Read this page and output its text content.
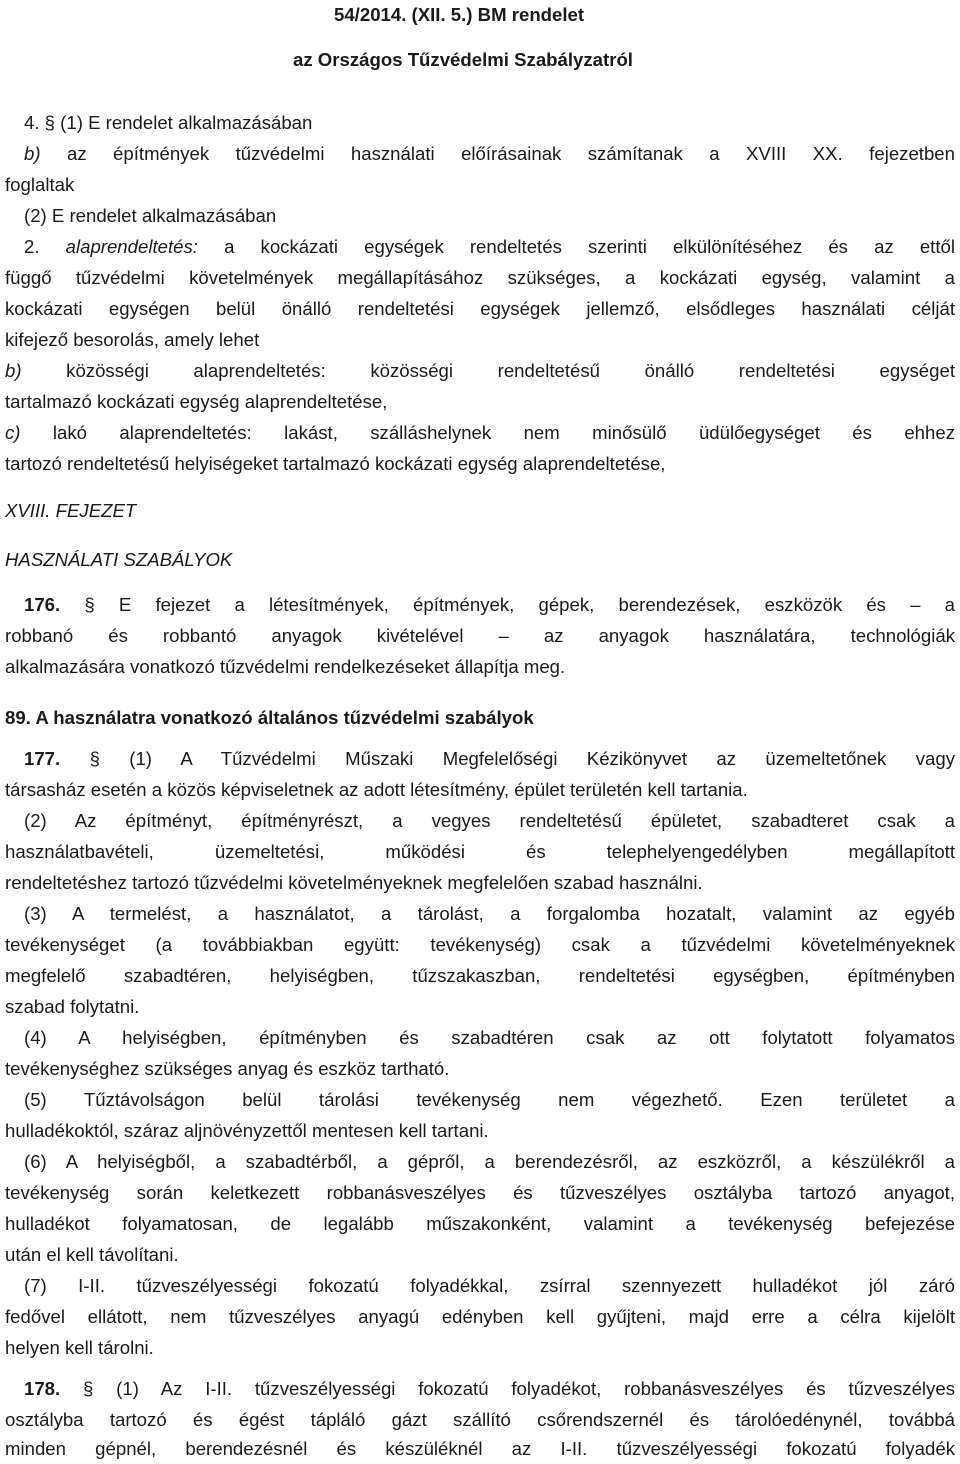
54/2014. (XII. 5.) BM rendelet
az Országos Tűzvédelmi Szabályzatról
4. § (1) E rendelet alkalmazásában
b) az építmények tűzvédelmi használati előírásainak számítanak a XVIII XX. fejezetben
foglaltak
(2) E rendelet alkalmazásában
2. alaprendeltetés: a kockázati egységek rendeltetés szerinti elkülönítéséhez és az ettől
függő tűzvédelmi követelmények megállapításához szükséges, a kockázati egység, valamint a
kockázati egységen belül önálló rendeltetési egységek jellemző, elsődleges használati célját
kifejező besorolás, amely lehet
b) közösségi alaprendeltetés: közösségi rendeltetésű önálló rendeltetési egységet
tartalmazó kockázati egység alaprendeltetése,
c) lakó alaprendeltetés: lakást, szálláshelynek nem minősülő üdülőegységet és ehhez
tartozó rendeltetésű helyiségeket tartalmazó kockázati egység alaprendeltetése,
XVIII. FEJEZET
HASZNÁLATI SZABÁLYOK
176. § E fejezet a létesítmények, építmények, gépek, berendezések, eszközök és – a
robbanó és robbantó anyagok kivételével – az anyagok használatára, technológiák
alkalmazására vonatkozó tűzvédelmi rendelkezéseket állapítja meg.
89. A használatra vonatkozó általános tűzvédelmi szabályok
177. § (1) A Tűzvédelmi Műszaki Megfelelőségi Kézikönyvet az üzemeltetőnek vagy
társasház esetén a közös képviseletnek az adott létesítmény, épület területén kell tartania.
(2) Az építményt, építményrészt, a vegyes rendeltetésű épületet, szabadteret csak a
használatbavételi, üzemeltetési, működési és telephelyengedélyben megállapított
rendeltetéshez tartozó tűzvédelmi követelményeknek megfelelően szabad használni.
(3) A termelést, a használatot, a tárolást, a forgalomba hozatalt, valamint az egyéb
tevékenységet (a továbbiakban együtt: tevékenység) csak a tűzvédelmi követelményeknek
megfelelő szabadtéren, helyiségben, tűzszakaszban, rendeltetési egységben, építményben
szabad folytatni.
(4) A helyiségben, építményben és szabadtéren csak az ott folytatott folyamatos
tevékenységhez szükséges anyag és eszköz tartható.
(5) Tűztávolságon belül tárolási tevékenység nem végezhető. Ezen területet a
hulladékoktól, száraz aljnövényzettől mentesen kell tartani.
(6) A helyiségből, a szabadtérből, a gépről, a berendezésről, az eszközről, a készülékről a
tevékenység során keletkezett robbanásveszélyes és tűzveszélyes osztályba tartozó anyagot,
hulladékot folyamatosan, de legalább műszakonként, valamint a tevékenység befejezése
után el kell távolítani.
(7) I-II. tűzveszélyességi fokozatú folyadékkal, zsírral szennyezett hulladékot jól záró
fedővel ellátott, nem tűzveszélyes anyagú edényben kell gyűjteni, majd erre a célra kijelölt
helyen kell tárolni.
178. § (1) Az I-II. tűzveszélyességi fokozatú folyadékot, robbanásveszélyes és tűzveszélyes
osztályba tartozó és égést tápláló gázt szállító csőrendszernél és tárolóedénynél, továbbá
minden gépnél, berendezésnél és készüléknél az I-II. tűzveszélyességi fokozatú folyadék
